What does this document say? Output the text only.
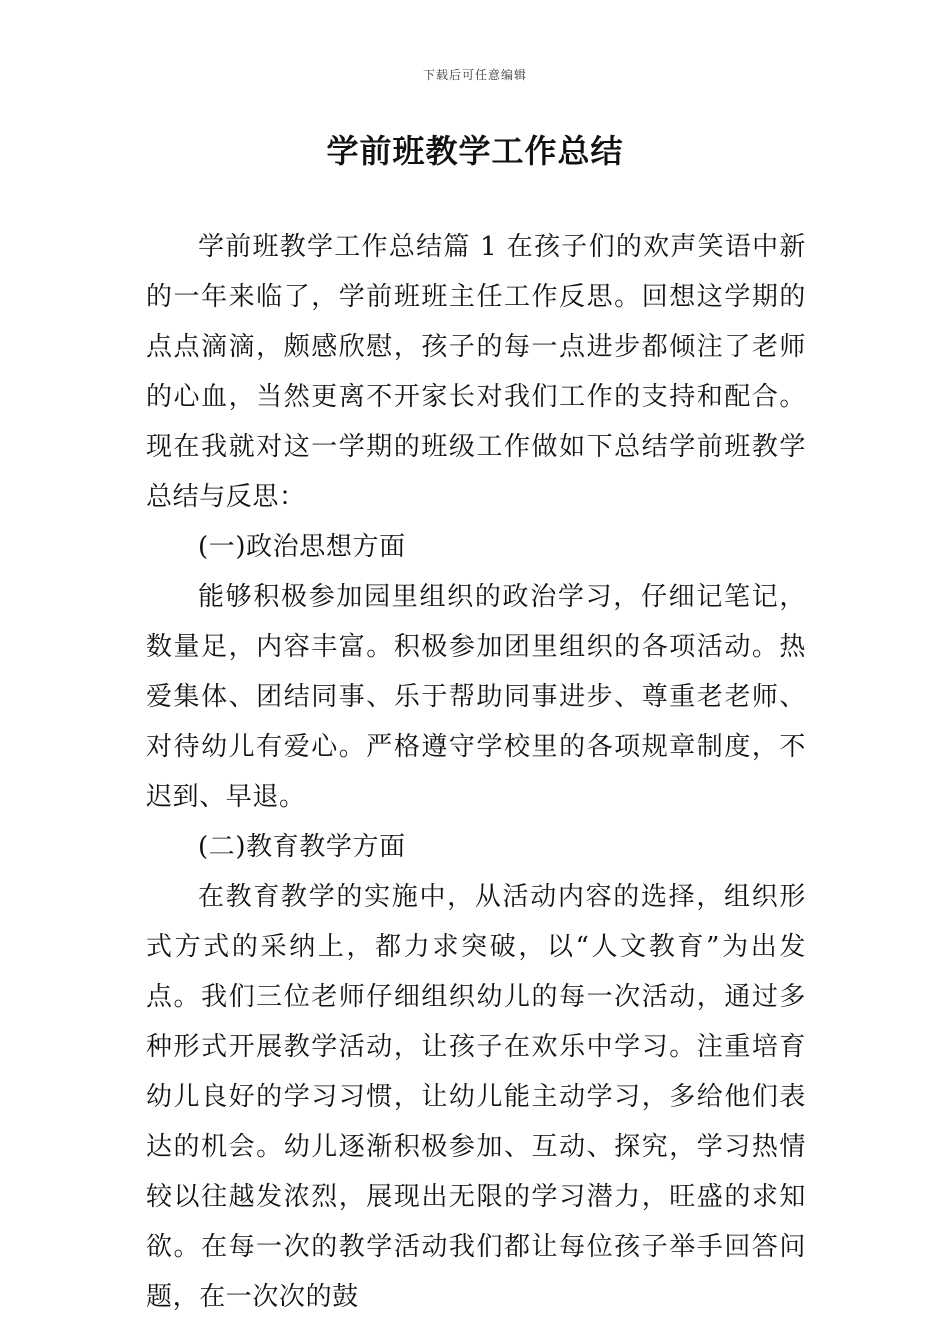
下载后可任意编辑
学前班教学工作总结

学前班教学工作总结篇 1 在孩子们的欢声笑语中新的一年来临了，学前班班主任工作反思。回想这学期的点点滴滴，颇感欣慰，孩子的每一点进步都倾注了老师的心血，当然更离不开家长对我们工作的支持和配合。现在我就对这一学期的班级工作做如下总结学前班教学总结与反思：

(一)政治思想方面

能够积极参加园里组织的政治学习，仔细记笔记，数量足，内容丰富。积极参加团里组织的各项活动。热爱集体、团结同事、乐于帮助同事进步、尊重老老师、对待幼儿有爱心。严格遵守学校里的各项规章制度，不迟到、早退。

(二)教育教学方面

在教育教学的实施中，从活动内容的选择，组织形式方式的采纳上，都力求突破，以“人文教育”为出发点。我们三位老师仔细组织幼儿的每一次活动，通过多种形式开展教学活动，让孩子在欢乐中学习。注重培育幼儿良好的学习习惯，让幼儿能主动学习，多给他们表达的机会。幼儿逐渐积极参加、互动、探究，学习热情较以往越发浓烈，展现出无限的学习潜力，旺盛的求知欲。在每一次的教学活动我们都让每位孩子举手回答问题，在一次次的鼓
